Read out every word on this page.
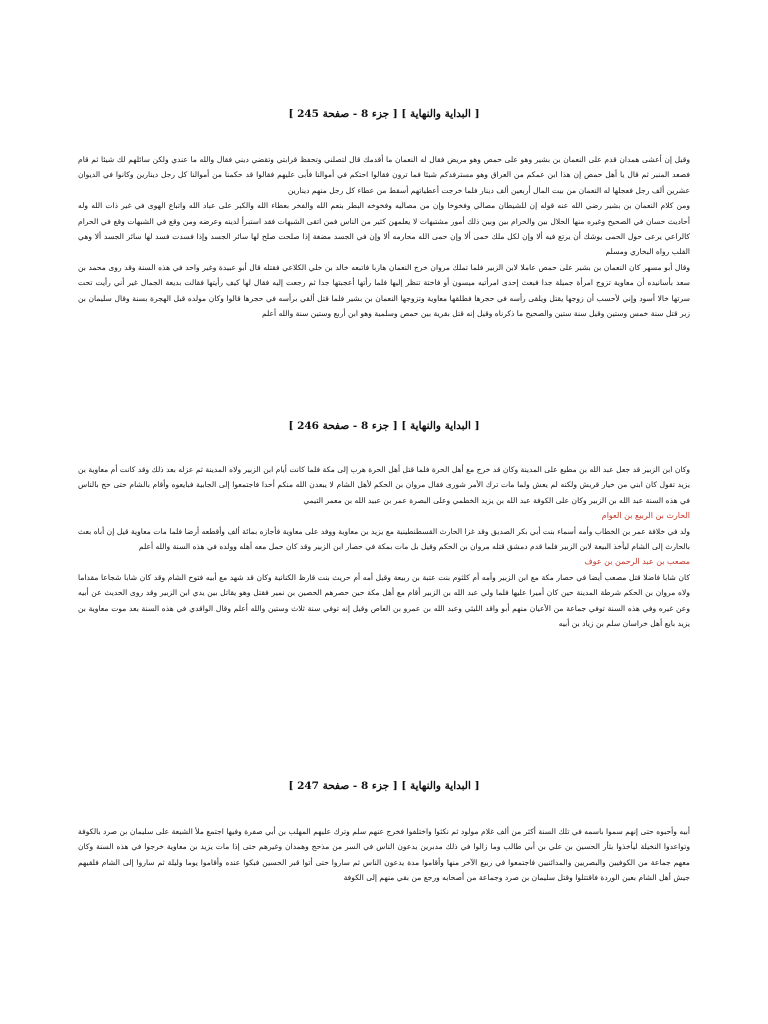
[ البداية والنهاية ] [ جزء 8 - صفحة 245 ]

وقيل إن أعشى همدان قدم على النعمان بن بشير وهو على حمص وهو مريض فقال له النعمان ما أقدمك قال لتصلني وتحفظ قرابتي وتقضي ديني فقال والله ما عندي ولكن سائلهم لك شيئا ثم قام فصعد المنبر ثم قال يا أهل حمص إن هذا ابن عمكم من العراق وهو مسترفدكم شيئا فما ترون فقالوا احتكم في أموالنا فأبى عليهم فقالوا قد حكمنا من أموالنا كل رجل دينارين وكانوا في الديوان عشرين ألف رجل فعجلها له النعمان من بيت المال أربعين ألف دينار فلما خرجت أعطياتهم أسقط من عطاء كل رجل منهم دينارين

ومن كلام النعمان بن بشير رضي الله عنه قوله إن للشيطان مصالي وفخوخا وإن من مصاليه وفخوخه البطر بنعم الله والفخر بعطاء الله والكبر على عباد الله واتباع الهوى في غير ذات الله وله أحاديث حسان في الصحيح وغيره منها الحلال بين والحرام بين وبين ذلك أمور مشتبهات لا يعلمهن كثير من الناس فمن اتقى الشبهات فقد استبرأ لدينه وعرضه ومن وقع في الشبهات وقع في الحرام كالراعي يرعى حول الحمى يوشك أن يرتع فيه ألا وإن لكل ملك حمى ألا وإن حمى الله محارمه ألا وإن في الجسد مضغة إذا صلحت صلح لها سائر الجسد وإذا فسدت فسد لها سائر الجسد ألا وهي القلب رواه البخاري ومسلم

وقال أبو مسهر كان النعمان بن بشير على حمص عاملا لابن الزبير فلما تملك مروان خرج النعمان هاربا فاتبعه خالد بن خلي الكلاعي فقتله قال أبو عبيدة وغير واحد في هذه السنة وقد روى محمد بن سعد بأسانيده أن معاوية تزوج امرأة جميلة جدا فبعث إحدى امرأتيه ميسون أو فاختة تنظر إليها فلما رأتها أعجبتها جدا ثم رجعت إليه فقال لها كيف رأيتها فقالت بديعة الجمال غير أني رأيت تحت سرتها خالا أسود وإني لأحسب أن زوجها يقتل ويلقى رأسه في حجرها فطلقها معاوية وتزوجها النعمان بن بشير فلما قتل ألقي برأسه في حجرها قالوا وكان مولده قبل الهجرة بسنة وقال سليمان بن زبر قتل سنة خمس وستين وقيل سنة ستين والصحيح ما ذكرناه وقيل إنه قتل بقرية بين حمص وسلمية وهو ابن أربع وستين سنة والله أعلم

[ البداية والنهاية ] [ جزء 8 - صفحة 246 ]

وكان ابن الزبير قد جعل عبد الله بن مطيع على المدينة وكان قد خرج مع أهل الحرة فلما قتل أهل الحرة هرب إلى مكة فلما كانت أيام ابن الزبير ولاه المدينة ثم عزله بعد ذلك وقد كانت أم معاوية بن يزيد تقول كان ابني من خيار قريش ولكنه لم يعش ولما مات ترك الأمر شورى فقال مروان بن الحكم لأهل الشام لا يبعدن الله منكم أحدا فاجتمعوا إلى الجابية فبايعوه وأقام بالشام حتى حج بالناس في هذه السنة عبد الله بن الزبير وكان على الكوفة عبد الله بن يزيد الخطمي وعلى البصرة عمر بن عبيد الله بن معمر التيمي

الحارث بن الربيع بن العوام

ولد في خلافة عمر بن الخطاب وأمه أسماء بنت أبي بكر الصديق وقد غزا الحارث القسطنطينية مع يزيد بن معاوية ووفد على معاوية فأجازه بمائة ألف وأقطعه أرضا فلما مات معاوية قيل إن أباه بعث بالحارث إلى الشام ليأخذ البيعة لابن الزبير فلما قدم دمشق قتله مروان بن الحكم وقيل بل مات بمكة في حصار ابن الزبير وقد كان حمل معه أهله وولده في هذه السنة والله أعلم

مصعب بن عبد الرحمن بن عوف

كان شابا فاضلا قتل مصعب أيضا في حصار مكة مع ابن الزبير وأمه أم كلثوم بنت عتبة بن ربيعة وقيل أمه أم حريث بنت قارظ الكنانية وكان قد شهد مع أبيه فتوح الشام وقد كان شابا شجاعا مقداما ولاه مروان بن الحكم شرطة المدينة حين كان أميرا عليها فلما ولي عبد الله بن الزبير أقام مع أهل مكة حين حصرهم الحصين بن نمير فقتل وهو يقاتل بين يدي ابن الزبير وقد روى الحديث عن أبيه وعن غيره وفي هذه السنة توفي جماعة من الأعيان منهم أبو واقد الليثي وعبد الله بن عمرو بن العاص وقيل إنه توفي سنة ثلاث وستين والله أعلم وقال الواقدي في هذه السنة بعد موت معاوية بن يزيد بايع أهل خراسان سلم بن زياد بن أبيه

[ البداية والنهاية ] [ جزء 8 - صفحة 247 ]

أبيه وأحبوه حتى إنهم سموا باسمه في تلك السنة أكثر من ألف غلام مولود ثم نكثوا واختلفوا فخرج عنهم سلم وترك عليهم المهلب بن أبي صفرة وفيها اجتمع ملأ الشيعة على سليمان بن صرد بالكوفة وتواعدوا النخيلة ليأخذوا بثأر الحسين بن علي بن أبي طالب وما زالوا في ذلك مدبرين يدعون الناس في السر من مذحج وهمدان وغيرهم حتى إذا مات يزيد بن معاوية خرجوا في هذه السنة وكان معهم جماعة من الكوفيين والبصريين والمدائنيين فاجتمعوا في ربيع الآخر منها وأقاموا مدة يدعون الناس ثم ساروا حتى أتوا قبر الحسين فبكوا عنده وأقاموا يوما وليلة ثم ساروا إلى الشام فلقيهم جيش أهل الشام بعين الوردة فاقتتلوا وقتل سليمان بن صرد وجماعة من أصحابه ورجع من بقي منهم إلى الكوفة
